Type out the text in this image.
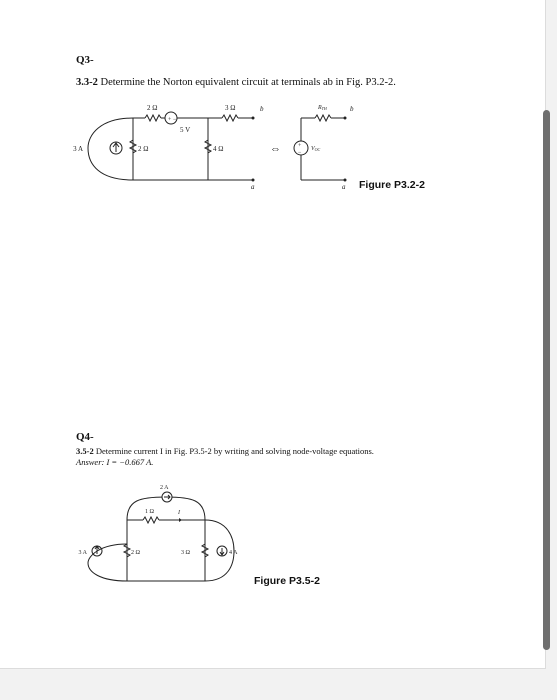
Q3-
3.3-2 Determine the Norton equivalent circuit at terminals ab in Fig. P3.2-2.
+ −
+
−
3 A	2 Ω
2 Ω
5 V
3 Ω
4 Ω
b
a
⇔
RTH
VOC
b
a
3 A
2 A
4 A
2 Ω
1 Ω
3 Ω
I
Figure P3.2-2
Q4-
3.5-2 Determine current I in Fig. P3.5-2 by writing and solving node-voltage equations.
Answer: I = −0.667 A.
Figure P3.5-2
